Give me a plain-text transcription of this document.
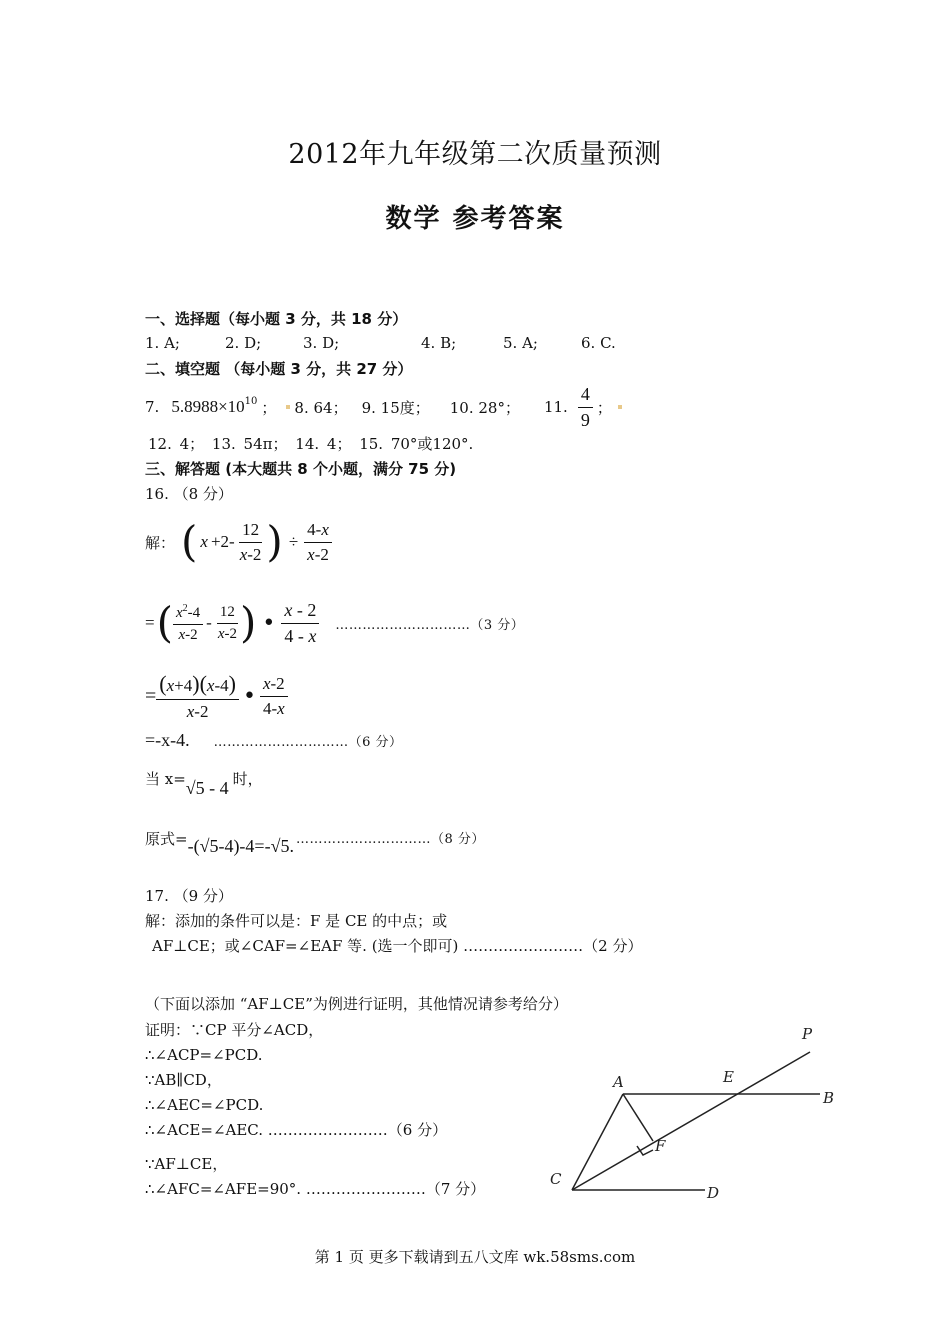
2012年九年级第二次质量预测
数学 参考答案
一、选择题（每小题 3 分，共 18 分）
1. A;	2. D;	3. D;	4. B;	5. A;	6. C.
二、填空题 （每小题 3 分，共 27 分）
7. $5.8988\times 10^{10}$ ； 8. 64； 9. 15度； 10. 28°； 11. $\frac{4}{9}$ ；
12. 4； 13. 54π； 14. 4； 15. 70°或120°.
三、解答题 (本大题共 8 个小题，满分 75 分)
16. （8 分）
解： ( $x +2- \frac{12}{x-2}$ ) ÷ $\frac{4-x}{x-2}$
= ( $\frac{x^2-4}{x-2} - \frac{12}{x-2}$ ) • $\frac{x - 2}{4 - x}$ …………………………（3 分）
= $\frac{(x+4)(x-4)}{x-2}$ • $\frac{x-2}{4-x}$
=-x-4. …………………………（6 分）
当 x= √5 - 4 时，
原式= -(√5-4)-4=-√5. …………………………（8 分）
17. （9 分）
解：添加的条件可以是：F 是 CE 的中点；或
AF⊥CE；或∠CAF=∠EAF 等. (选一个即可) ……………………（2 分）
（下面以添加 “AF⊥CE”为例进行证明，其他情况请参考给分）
证明：∵CP 平分∠ACD，
∴∠ACP=∠PCD.
∵AB∥CD，
∴∠AEC=∠PCD.
∴∠ACE=∠AEC. ……………………（6 分）
∵AF⊥CE，
∴∠AFC=∠AFE=90°. ……………………（7 分）
P
A	E
B
F
C
D
第 1 页 更多下载请到五八文库 wk.58sms.com
